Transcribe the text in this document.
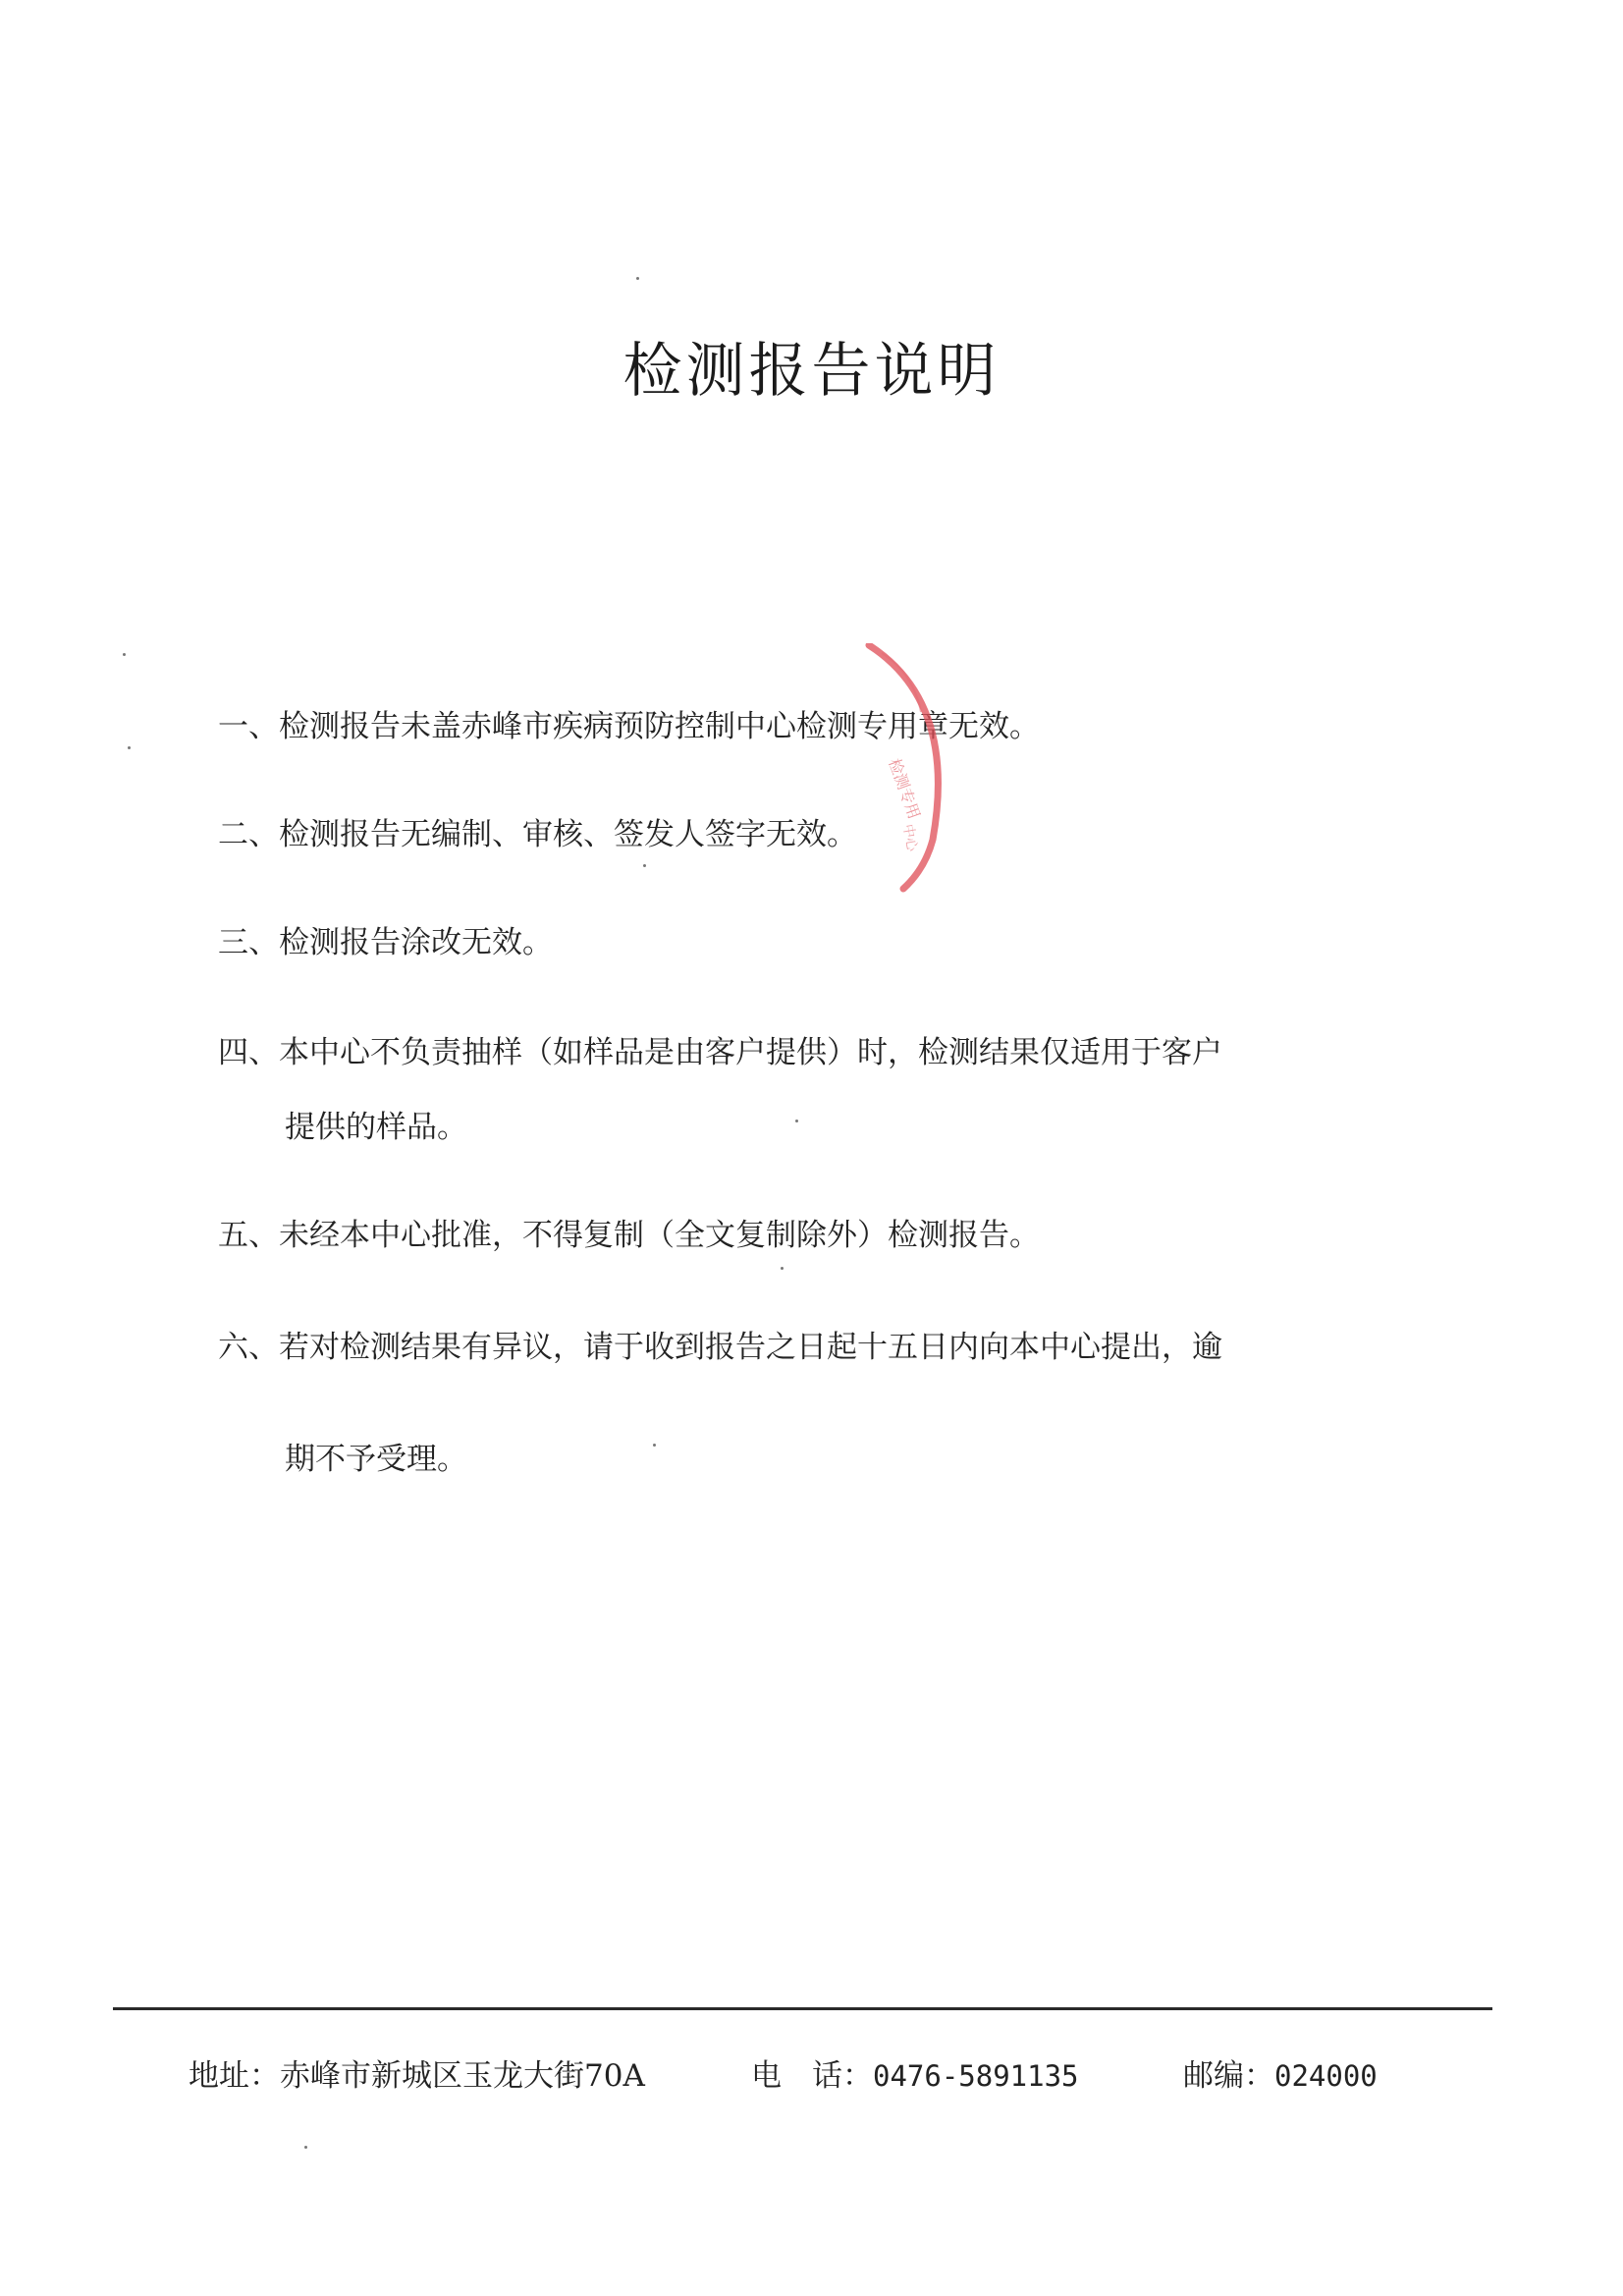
检测报告说明
一、检测报告未盖赤峰市疾病预防控制中心检测专用章无效。
二、检测报告无编制、审核、签发人签字无效。
三、检测报告涂改无效。
四、本中心不负责抽样（如样品是由客户提供）时，检测结果仅适用于客户
提供的样品。
五、未经本中心批准，不得复制（全文复制除外）检测报告。
六、若对检测结果有异议，请于收到报告之日起十五日内向本中心提出，逾
期不予受理。
检测专用
中心
地址：赤峰市新城区玉龙大街70A	电　话：0476-5891135	邮编：024000
